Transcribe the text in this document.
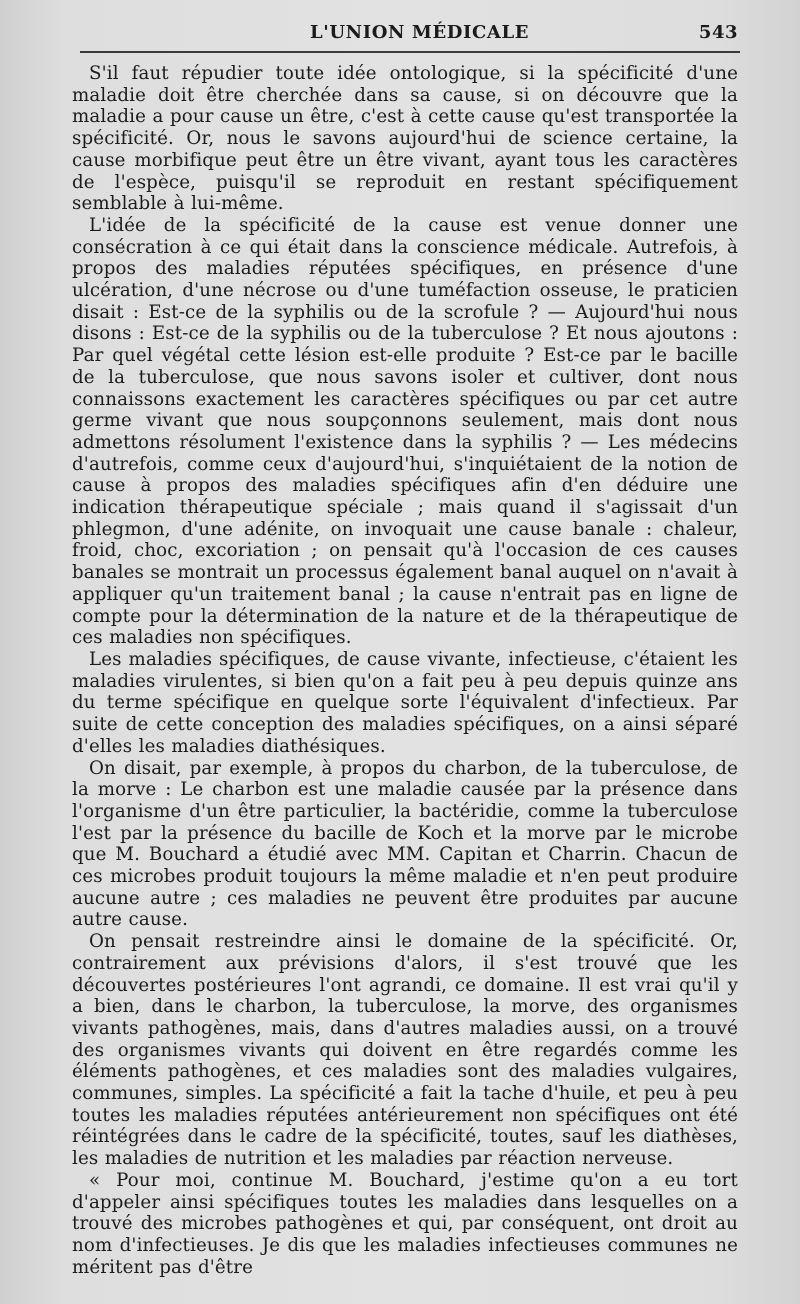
L'UNION MÉDICALE	543

S'il faut répudier toute idée ontologique, si la spécificité d'une maladie doit être cherchée dans sa cause, si on découvre que la maladie a pour cause un être, c'est à cette cause qu'est transportée la spécificité. Or, nous le savons aujourd'hui de science certaine, la cause morbifique peut être un être vivant, ayant tous les caractères de l'espèce, puisqu'il se reproduit en restant spécifiquement semblable à lui-même.

L'idée de la spécificité de la cause est venue donner une consécration à ce qui était dans la conscience médicale. Autrefois, à propos des maladies réputées spécifiques, en présence d'une ulcération, d'une nécrose ou d'une tuméfaction osseuse, le praticien disait : Est-ce de la syphilis ou de la scrofule ? — Aujourd'hui nous disons : Est-ce de la syphilis ou de la tuberculose ? Et nous ajoutons : Par quel végétal cette lésion est-elle produite ? Est-ce par le bacille de la tuberculose, que nous savons isoler et cultiver, dont nous connaissons exactement les caractères spécifiques ou par cet autre germe vivant que nous soupçonnons seulement, mais dont nous admettons résolument l'existence dans la syphilis ? — Les médecins d'autrefois, comme ceux d'aujourd'hui, s'inquiétaient de la notion de cause à propos des maladies spécifiques afin d'en déduire une indication thérapeutique spéciale ; mais quand il s'agissait d'un phlegmon, d'une adénite, on invoquait une cause banale : chaleur, froid, choc, excoriation ; on pensait qu'à l'occasion de ces causes banales se montrait un processus également banal auquel on n'avait à appliquer qu'un traitement banal ; la cause n'entrait pas en ligne de compte pour la détermination de la nature et de la thérapeutique de ces maladies non spécifiques.

Les maladies spécifiques, de cause vivante, infectieuse, c'étaient les maladies virulentes, si bien qu'on a fait peu à peu depuis quinze ans du terme spécifique en quelque sorte l'équivalent d'infectieux. Par suite de cette conception des maladies spécifiques, on a ainsi séparé d'elles les maladies diathésiques.

On disait, par exemple, à propos du charbon, de la tuberculose, de la morve : Le charbon est une maladie causée par la présence dans l'organisme d'un être particulier, la bactéridie, comme la tuberculose l'est par la présence du bacille de Koch et la morve par le microbe que M. Bouchard a étudié avec MM. Capitan et Charrin. Chacun de ces microbes produit toujours la même maladie et n'en peut produire aucune autre ; ces maladies ne peuvent être produites par aucune autre cause.

On pensait restreindre ainsi le domaine de la spécificité. Or, contrairement aux prévisions d'alors, il s'est trouvé que les découvertes postérieures l'ont agrandi, ce domaine. Il est vrai qu'il y a bien, dans le charbon, la tuberculose, la morve, des organismes vivants pathogènes, mais, dans d'autres maladies aussi, on a trouvé des organismes vivants qui doivent en être regardés comme les éléments pathogènes, et ces maladies sont des maladies vulgaires, communes, simples. La spécificité a fait la tache d'huile, et peu à peu toutes les maladies réputées antérieurement non spécifiques ont été réintégrées dans le cadre de la spécificité, toutes, sauf les diathèses, les maladies de nutrition et les maladies par réaction nerveuse.

« Pour moi, continue M. Bouchard, j'estime qu'on a eu tort d'appeler ainsi spécifiques toutes les maladies dans lesquelles on a trouvé des microbes pathogènes et qui, par conséquent, ont droit au nom d'infectieuses. Je dis que les maladies infectieuses communes ne méritent pas d'être
